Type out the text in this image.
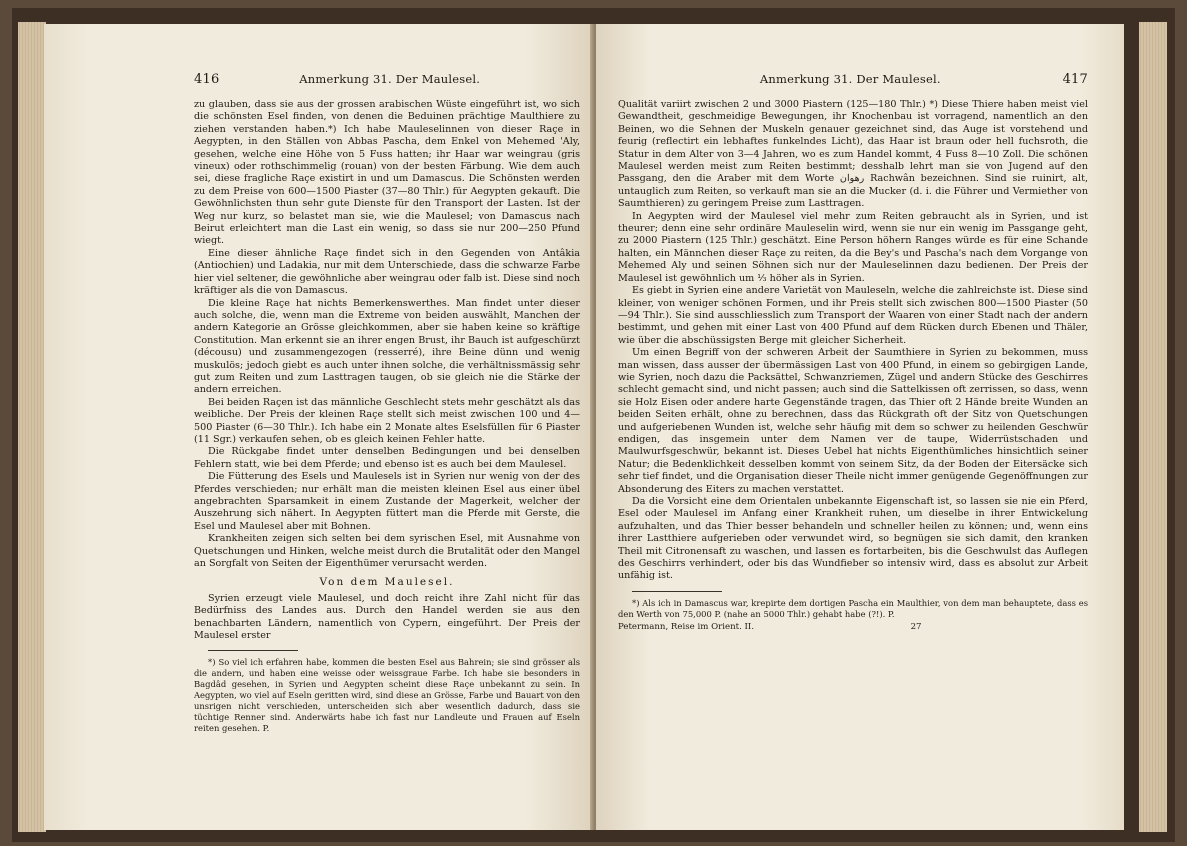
416	Anmerkung 31. Der Maulesel.

zu glauben, dass sie aus der grossen arabischen Wüste eingeführt ist, wo sich die schönsten Esel finden, von denen die Beduinen prächtige Maulthiere zu ziehen verstanden haben.*) Ich habe Mauleselinnen von dieser Raçe in Aegypten, in den Ställen von Abbas Pascha, dem Enkel von Mehemed 'Aly, gesehen, welche eine Höhe von 5 Fuss hatten; ihr Haar war weingrau (gris vineux) oder rothschimmelig (rouan) von der besten Färbung. Wie dem auch sei, diese fragliche Raçe existirt in und um Damascus. Die Schönsten werden zu dem Preise von 600—1500 Piaster (37—80 Thlr.) für Aegypten gekauft. Die Gewöhnlichsten thun sehr gute Dienste für den Transport der Lasten. Ist der Weg nur kurz, so belastet man sie, wie die Maulesel; von Damascus nach Beirut erleichtert man die Last ein wenig, so dass sie nur 200—250 Pfund wiegt.

Eine dieser ähnliche Raçe findet sich in den Gegenden von Antâkia (Antiochien) und Ladakia, nur mit dem Unterschiede, dass die schwarze Farbe hier viel seltener, die gewöhnliche aber weingrau oder falb ist. Diese sind noch kräftiger als die von Damascus.

Die kleine Raçe hat nichts Bemerkenswerthes. Man findet unter dieser auch solche, die, wenn man die Extreme von beiden auswählt, Manchen der andern Kategorie an Grösse gleichkommen, aber sie haben keine so kräftige Constitution. Man erkennt sie an ihrer engen Brust, ihr Bauch ist aufgeschürzt (décousu) und zusammengezogen (resserré), ihre Beine dünn und wenig muskulös; jedoch giebt es auch unter ihnen solche, die verhältnissmässig sehr gut zum Reiten und zum Lasttragen taugen, ob sie gleich nie die Stärke der andern erreichen.

Bei beiden Raçen ist das männliche Geschlecht stets mehr geschätzt als das weibliche. Der Preis der kleinen Raçe stellt sich meist zwischen 100 und 4—500 Piaster (6—30 Thlr.). Ich habe ein 2 Monate altes Eselsfüllen für 6 Piaster (11 Sgr.) verkaufen sehen, ob es gleich keinen Fehler hatte.

Die Rückgabe findet unter denselben Bedingungen und bei denselben Fehlern statt, wie bei dem Pferde; und ebenso ist es auch bei dem Maulesel.

Die Fütterung des Esels und Maulesels ist in Syrien nur wenig von der des Pferdes verschieden; nur erhält man die meisten kleinen Esel aus einer übel angebrachten Sparsamkeit in einem Zustande der Magerkeit, welcher der Auszehrung sich nähert. In Aegypten füttert man die Pferde mit Gerste, die Esel und Maulesel aber mit Bohnen.

Krankheiten zeigen sich selten bei dem syrischen Esel, mit Ausnahme von Quetschungen und Hinken, welche meist durch die Brutalität oder den Mangel an Sorgfalt von Seiten der Eigenthümer verursacht werden.

Von dem Maulesel.

Syrien erzeugt viele Maulesel, und doch reicht ihre Zahl nicht für das Bedürfniss des Landes aus. Durch den Handel werden sie aus den benachbarten Ländern, namentlich von Cypern, eingeführt. Der Preis der Maulesel erster

*) So viel ich erfahren habe, kommen die besten Esel aus Bahrein; sie sind grösser als die andern, und haben eine weisse oder weissgraue Farbe. Ich habe sie besonders in Bagdâd gesehen, in Syrien und Aegypten scheint diese Raçe unbekannt zu sein. In Aegypten, wo viel auf Eseln geritten wird, sind diese an Grösse, Farbe und Bauart von den unsrigen nicht verschieden, unterscheiden sich aber wesentlich dadurch, dass sie tüchtige Renner sind. Anderwärts habe ich fast nur Landleute und Frauen auf Eseln reiten gesehen. P.

Anmerkung 31. Der Maulesel.	417

Qualität variirt zwischen 2 und 3000 Piastern (125—180 Thlr.) *) Diese Thiere haben meist viel Gewandtheit, geschmeidige Bewegungen, ihr Knochenbau ist vorragend, namentlich an den Beinen, wo die Sehnen der Muskeln genauer gezeichnet sind, das Auge ist vorstehend und feurig (reflectirt ein lebhaftes funkelndes Licht), das Haar ist braun oder hell fuchsroth, die Statur in dem Alter von 3—4 Jahren, wo es zum Handel kommt, 4 Fuss 8—10 Zoll. Die schönen Maulesel werden meist zum Reiten bestimmt; desshalb lehrt man sie von Jugend auf den Passgang, den die Araber mit dem Worte رهوان Rachwân bezeichnen. Sind sie ruinirt, alt, untauglich zum Reiten, so verkauft man sie an die Mucker (d. i. die Führer und Vermiether von Saumthieren) zu geringem Preise zum Lasttragen.

In Aegypten wird der Maulesel viel mehr zum Reiten gebraucht als in Syrien, und ist theurer; denn eine sehr ordinäre Mauleselin wird, wenn sie nur ein wenig im Passgange geht, zu 2000 Piastern (125 Thlr.) geschätzt. Eine Person höhern Ranges würde es für eine Schande halten, ein Männchen dieser Raçe zu reiten, da die Bey's und Pascha's nach dem Vorgange von Mehemed Aly und seinen Söhnen sich nur der Mauleselinnen dazu bedienen. Der Preis der Maulesel ist gewöhnlich um ⅓ höher als in Syrien.

Es giebt in Syrien eine andere Varietät von Mauleseln, welche die zahlreichste ist. Diese sind kleiner, von weniger schönen Formen, und ihr Preis stellt sich zwischen 800—1500 Piaster (50—94 Thlr.). Sie sind ausschliesslich zum Transport der Waaren von einer Stadt nach der andern bestimmt, und gehen mit einer Last von 400 Pfund auf dem Rücken durch Ebenen und Thäler, wie über die abschüssigsten Berge mit gleicher Sicherheit.

Um einen Begriff von der schweren Arbeit der Saumthiere in Syrien zu bekommen, muss man wissen, dass ausser der übermässigen Last von 400 Pfund, in einem so gebirgigen Lande, wie Syrien, noch dazu die Packsättel, Schwanzriemen, Zügel und andern Stücke des Geschirres schlecht gemacht sind, und nicht passen; auch sind die Sattelkissen oft zerrissen, so dass, wenn sie Holz Eisen oder andere harte Gegenstände tragen, das Thier oft 2 Hände breite Wunden an beiden Seiten erhält, ohne zu berechnen, dass das Rückgrath oft der Sitz von Quetschungen und aufgeriebenen Wunden ist, welche sehr häufig mit dem so schwer zu heilenden Geschwür endigen, das insgemein unter dem Namen ver de taupe, Widerrüstschaden und Maulwurfsgeschwür, bekannt ist. Dieses Uebel hat nichts Eigenthümliches hinsichtlich seiner Natur; die Bedenklichkeit desselben kommt von seinem Sitz, da der Boden der Eitersäcke sich sehr tief findet, und die Organisation dieser Theile nicht immer genügende Gegenöffnungen zur Absonderung des Eiters zu machen verstattet.

Da die Vorsicht eine dem Orientalen unbekannte Eigenschaft ist, so lassen sie nie ein Pferd, Esel oder Maulesel im Anfang einer Krankheit ruhen, um dieselbe in ihrer Entwickelung aufzuhalten, und das Thier besser behandeln und schneller heilen zu können; und, wenn eins ihrer Lastthiere aufgerieben oder verwundet wird, so begnügen sie sich damit, den kranken Theil mit Citronensaft zu waschen, und lassen es fortarbeiten, bis die Geschwulst das Auflegen des Geschirrs verhindert, oder bis das Wundfieber so intensiv wird, dass es absolut zur Arbeit unfähig ist.

*) Als ich in Damascus war, krepirte dem dortigen Pascha ein Maulthier, von dem man behauptete, dass es den Werth von 75,000 P. (nahe an 5000 Thlr.) gehabt habe (?!). P.

Petermann, Reise im Orient. II.	27
